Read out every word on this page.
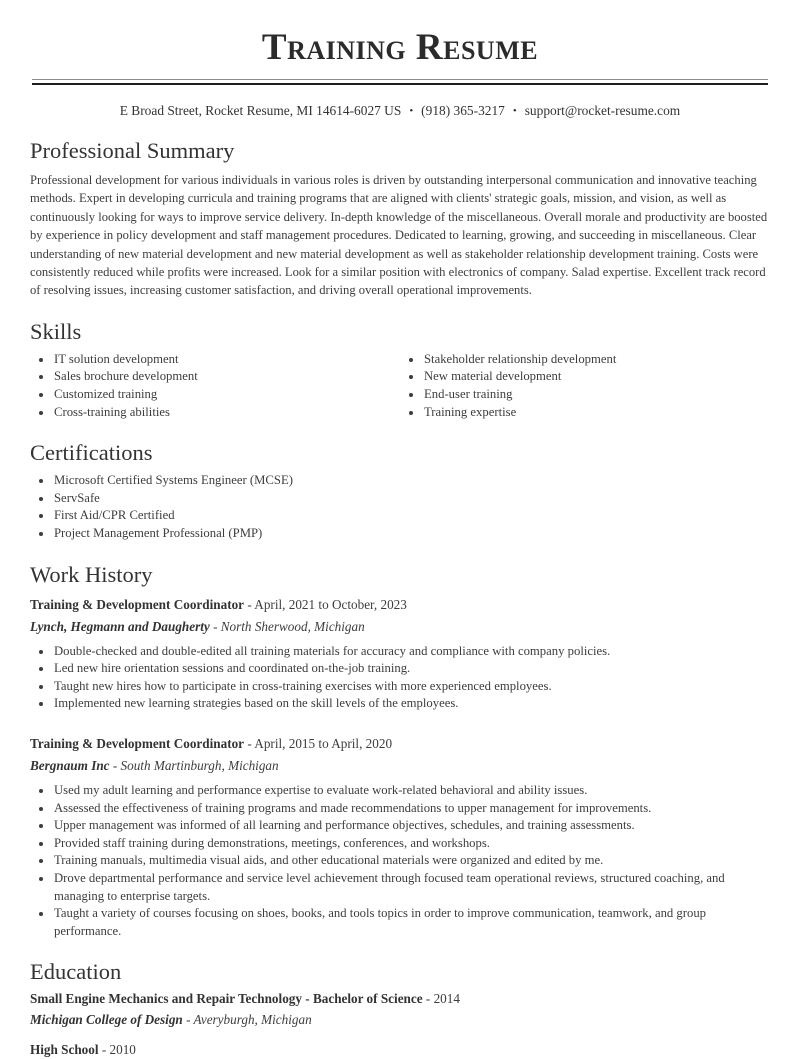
Training Resume
E Broad Street, Rocket Resume, MI 14614-6027 US • (918) 365-3217 • support@rocket-resume.com
Professional Summary

Professional development for various individuals in various roles is driven by outstanding interpersonal communication and innovative teaching methods. Expert in developing curricula and training programs that are aligned with clients' strategic goals, mission, and vision, as well as continuously looking for ways to improve service delivery. In-depth knowledge of the miscellaneous. Overall morale and productivity are boosted by experience in policy development and staff management procedures. Dedicated to learning, growing, and succeeding in miscellaneous. Clear understanding of new material development and new material development as well as stakeholder relationship development training. Costs were consistently reduced while profits were increased. Look for a similar position with electronics of company. Salad expertise. Excellent track record of resolving issues, increasing customer satisfaction, and driving overall operational improvements.

Skills
• IT solution development
• Sales brochure development
• Customized training
• Cross-training abilities
• Stakeholder relationship development
• New material development
• End-user training
• Training expertise
Certifications
• Microsoft Certified Systems Engineer (MCSE)
• ServSafe
• First Aid/CPR Certified
• Project Management Professional (PMP)
Work History
Training & Development Coordinator - April, 2021 to October, 2023
Lynch, Hegmann and Daugherty - North Sherwood, Michigan
• Double-checked and double-edited all training materials for accuracy and compliance with company policies.
• Led new hire orientation sessions and coordinated on-the-job training.
• Taught new hires how to participate in cross-training exercises with more experienced employees.
• Implemented new learning strategies based on the skill levels of the employees.
Training & Development Coordinator - April, 2015 to April, 2020
Bergnaum Inc - South Martinburgh, Michigan
• Used my adult learning and performance expertise to evaluate work-related behavioral and ability issues.
• Assessed the effectiveness of training programs and made recommendations to upper management for improvements.
• Upper management was informed of all learning and performance objectives, schedules, and training assessments.
• Provided staff training during demonstrations, meetings, conferences, and workshops.
• Training manuals, multimedia visual aids, and other educational materials were organized and edited by me.
• Drove departmental performance and service level achievement through focused team operational reviews, structured coaching, and managing to enterprise targets.
• Taught a variety of courses focusing on shoes, books, and tools topics in order to improve communication, teamwork, and group performance.
Education
Small Engine Mechanics and Repair Technology - Bachelor of Science - 2014
Michigan College of Design - Averyburgh, Michigan
High School - 2010
